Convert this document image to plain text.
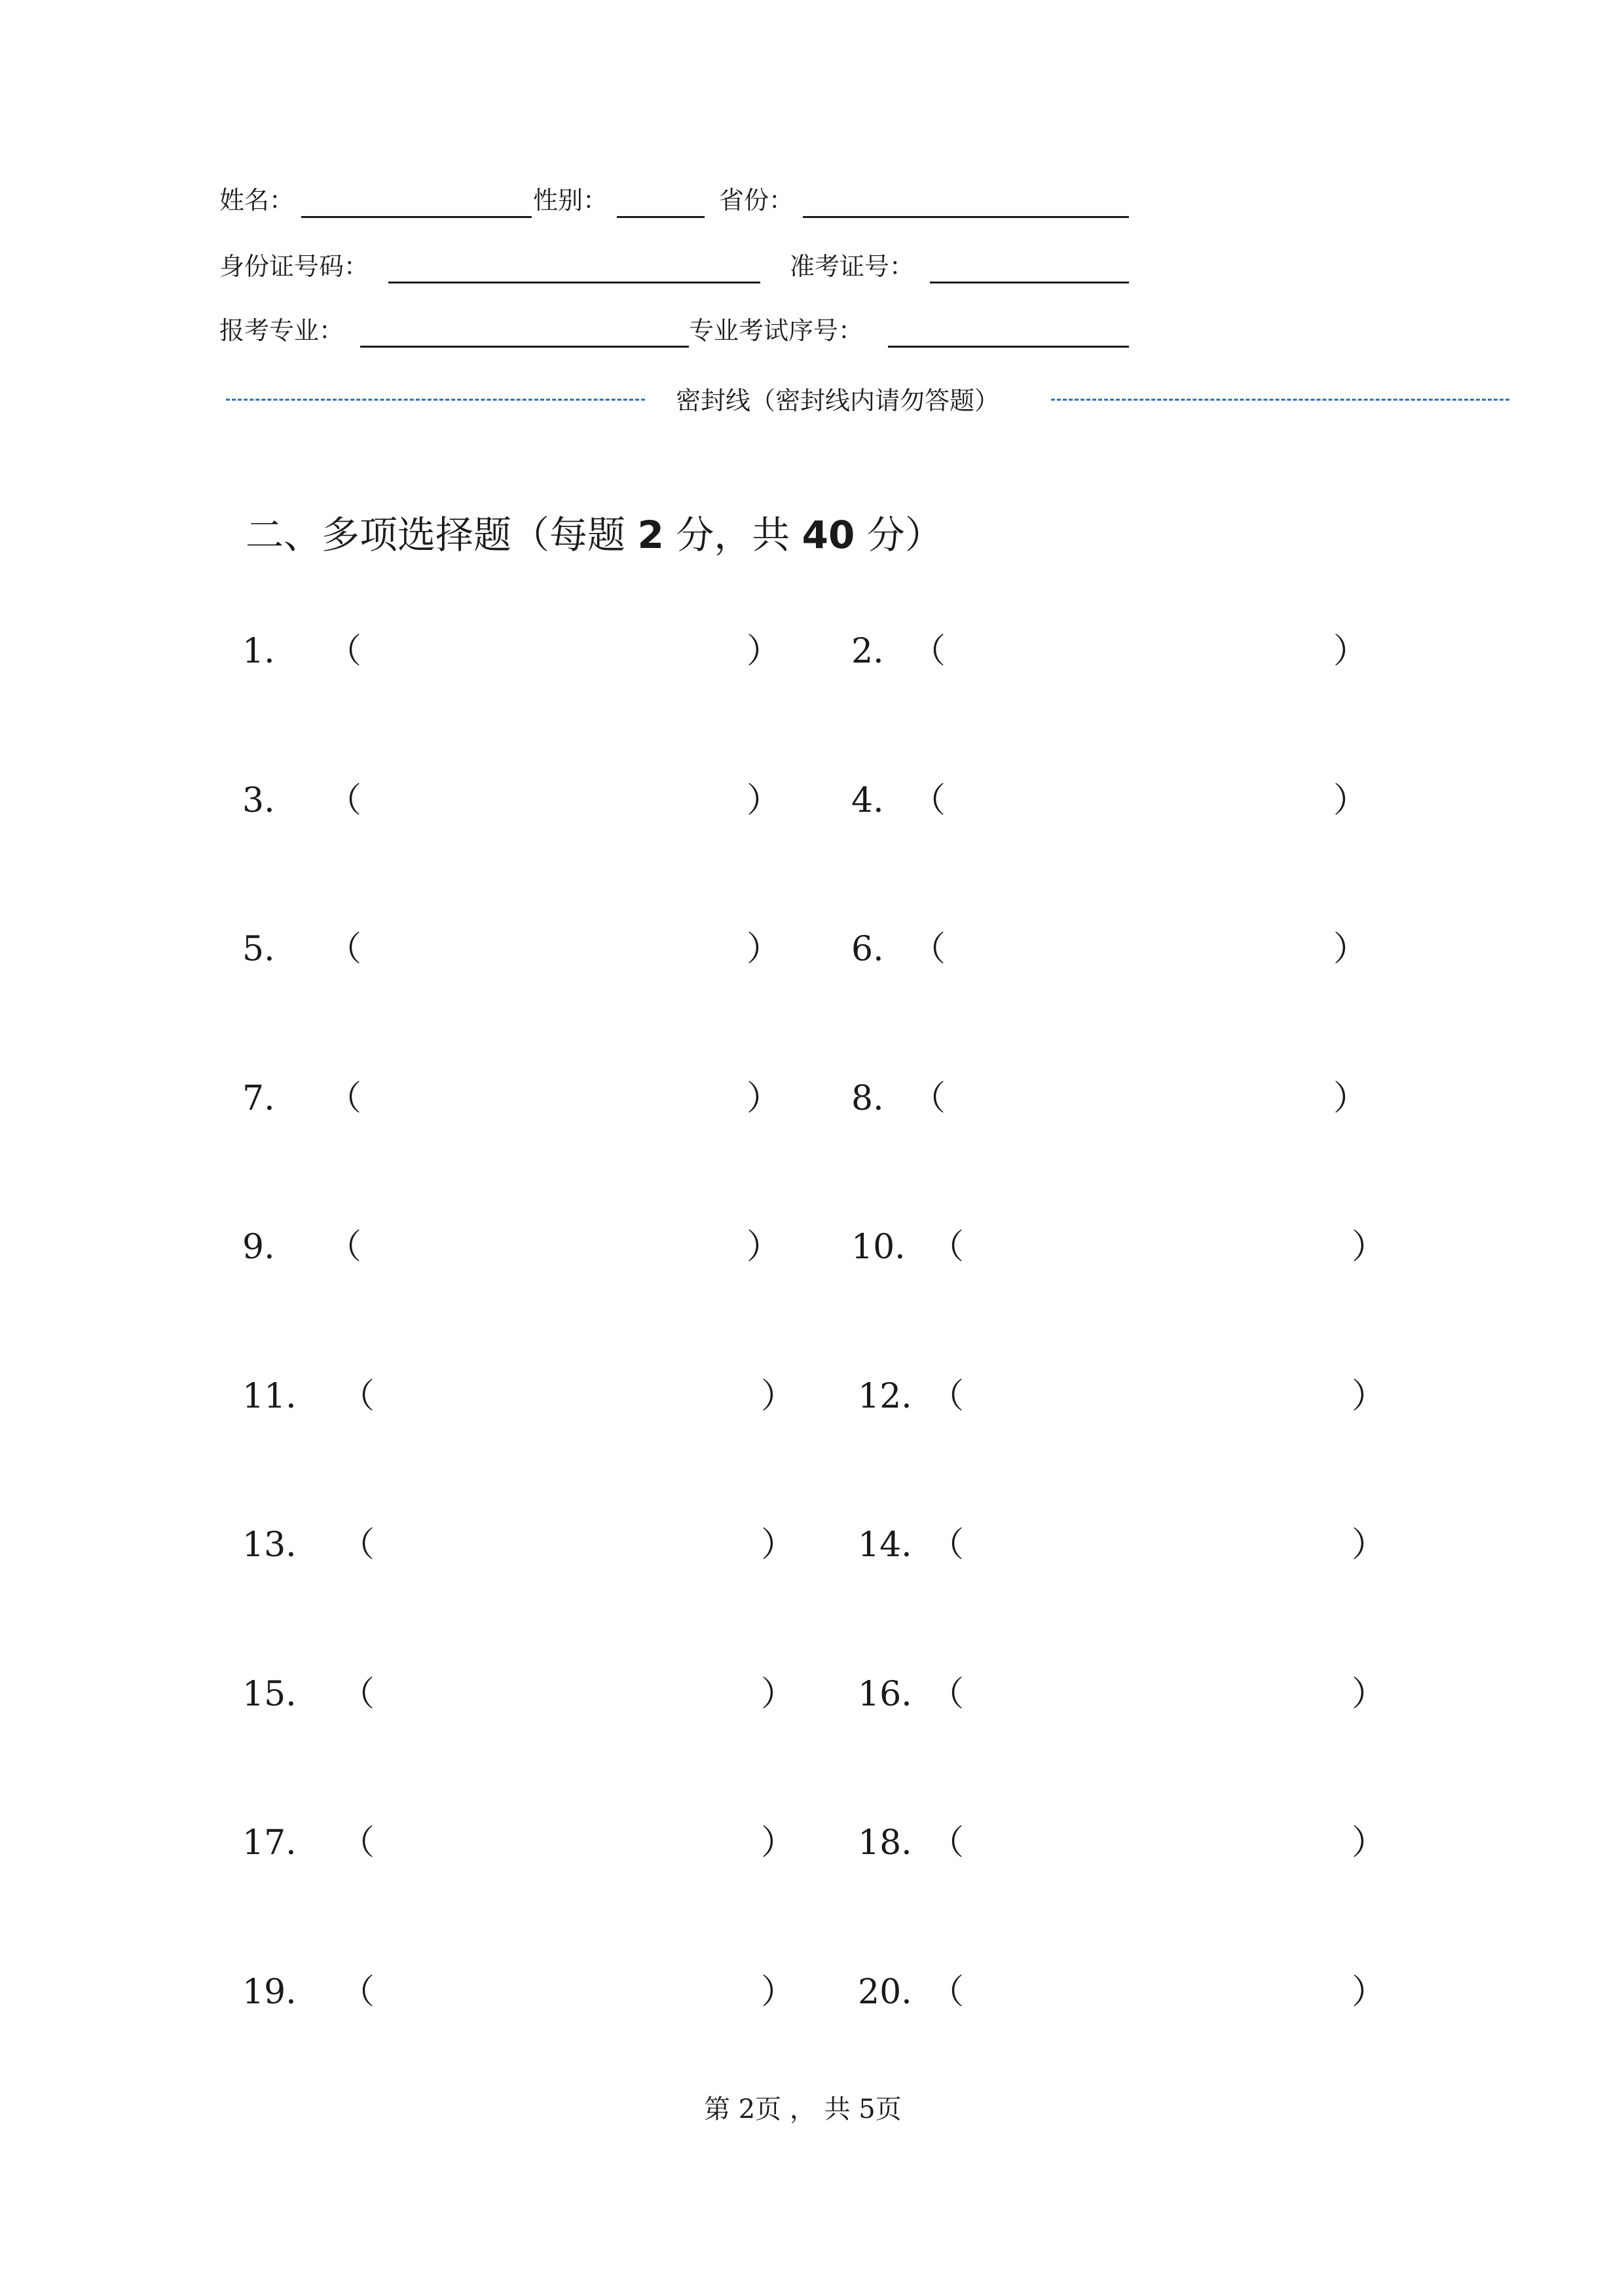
姓名：	性别：	省份：
身份证号码：	准考证号：
报考专业：	专业考试序号：
密封线（密封线内请勿答题）
二、多项选择题（每题 2 分，共 40 分）
1. （	） 2. （	）
3. （	） 4. （	）
5. （	） 6. （	）
7. （	） 8. （	）
9. （	） 10. （	）
11. （	） 12. （	）
13. （	） 14. （	）
15. （	） 16. （	）
17. （	） 18. （	）
19. （	） 20. （	）
第 2页 ， 共 5页
